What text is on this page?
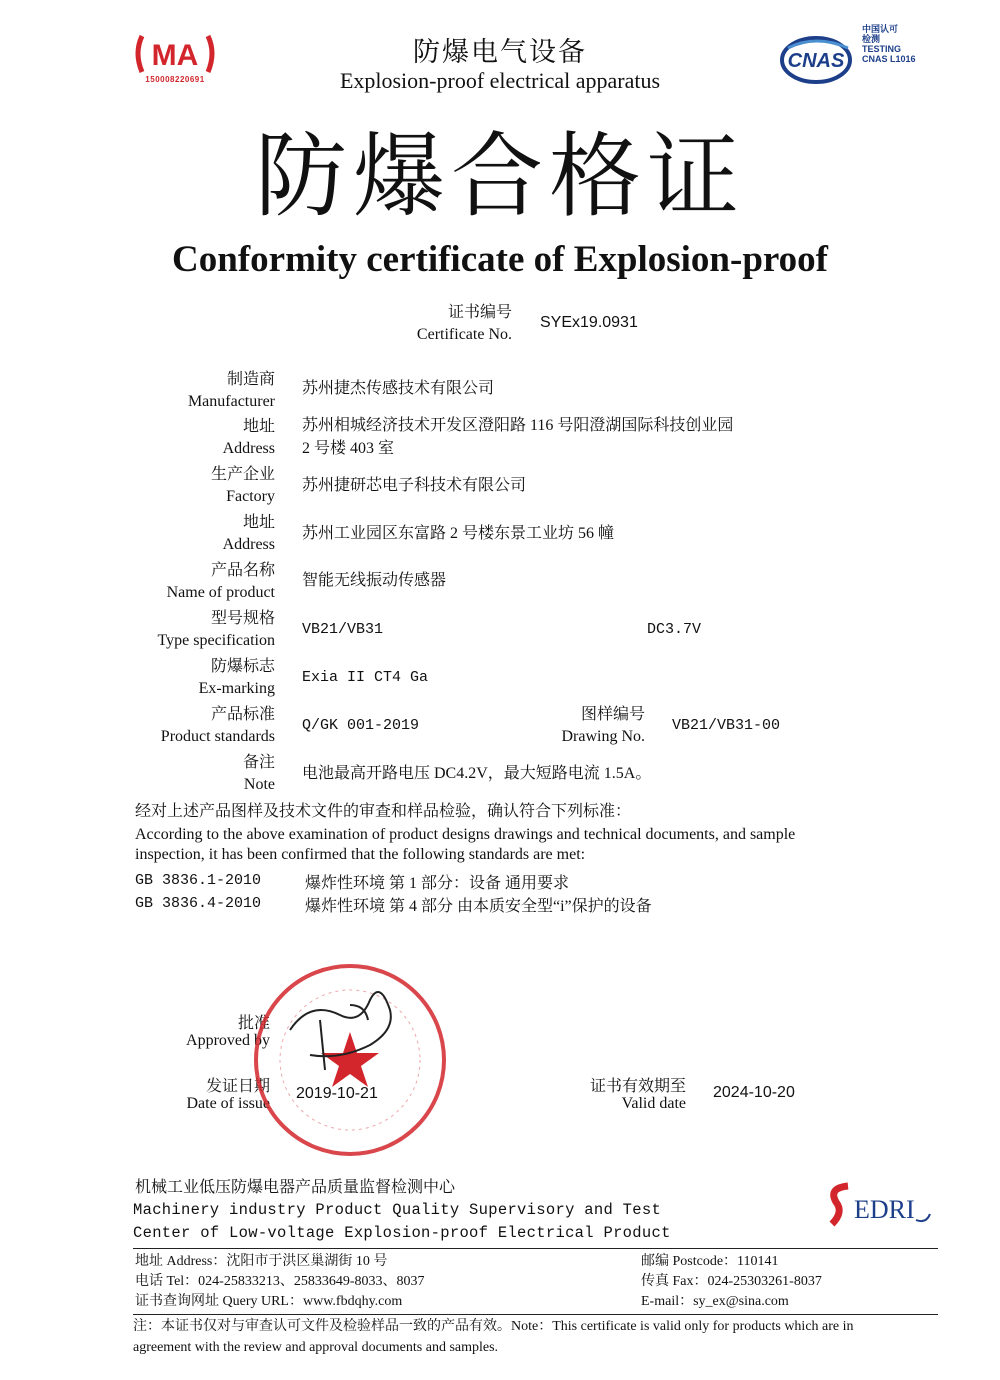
MA
150008220691
防爆电气设备
Explosion-proof electrical apparatus
CNAS
中国认可
检测
TESTING
CNAS L1016
防爆合格证
Conformity certificate of Explosion-proof
证书编号
Certificate No.
SYEx19.0931
制造商
Manufacturer
苏州捷杰传感技术有限公司
地址
Address
苏州相城经济技术开发区澄阳路 116 号阳澄湖国际科技创业园
2 号楼 403 室
生产企业
Factory
苏州捷研芯电子科技术有限公司
地址
Address
苏州工业园区东富路 2 号楼东景工业坊 56 幢
产品名称
Name of product
智能无线振动传感器
型号规格
Type specification
VB21/VB31	DC3.7V
防爆标志
Ex-marking
Exia II CT4 Ga
产品标准
Product standards
Q/GK 001-2019
图样编号
Drawing No.
VB21/VB31-00
备注
Note
电池最高开路电压 DC4.2V，最大短路电流 1.5A。
经对上述产品图样及技术文件的审查和样品检验，确认符合下列标准：
According to the above examination of product designs drawings and technical documents, and sample
inspection, it has been confirmed that the following standards are met:
GB 3836.1-2010	爆炸性环境 第 1 部分：设备 通用要求
GB 3836.4-2010	爆炸性环境 第 4 部分 由本质安全型“i”保护的设备
批准
Approved by
发证日期
Date of issue
2019-10-21	证书有效期至
Valid date
2024-10-20
机械工业低压防爆电器产品质量监督检测中心
Machinery industry Product Quality Supervisory and Test
Center of Low-voltage Explosion-proof Electrical Product
EDRI
地址 Address：沈阳市于洪区巢湖街 10 号
电话 Tel：024-25833213、25833649-8033、8037
证书查询网址 Query URL：www.fbdqhy.com
邮编 Postcode：110141
传真 Fax：024-25303261-8037
E-mail：sy_ex@sina.com
注：本证书仅对与审查认可文件及检验样品一致的产品有效。Note：This certificate is valid only for products which are in
agreement with the review and approval documents and samples.
